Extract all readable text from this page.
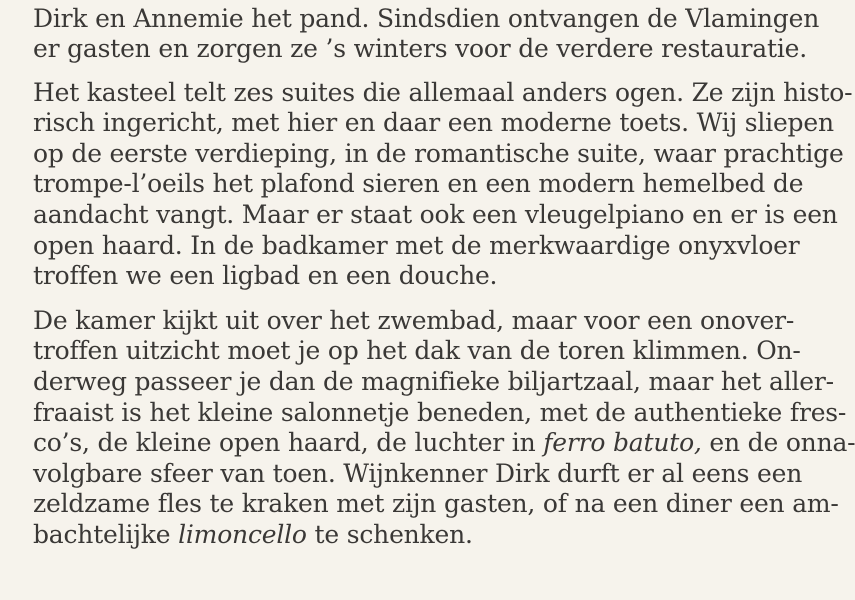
Dirk en Annemie het pand. Sindsdien ontvangen de Vlamingen
er gasten en zorgen ze ’s winters voor de verdere restauratie.
Het kasteel telt zes suites die allemaal anders ogen. Ze zijn histo-
risch ingericht, met hier en daar een moderne toets. Wij sliepen
op de eerste verdieping, in de romantische suite, waar prachtige
trompe-l’oeils het plafond sieren en een modern hemelbed de
aandacht vangt. Maar er staat ook een vleugelpiano en er is een
open haard. In de badkamer met de merkwaardige onyxvloer
troffen we een ligbad en een douche.
De kamer kijkt uit over het zwembad, maar voor een onover-
troffen uitzicht moet je op het dak van de toren klimmen. On-
derweg passeer je dan de magnifieke biljartzaal, maar het aller-
fraaist is het kleine salonnetje beneden, met de authentieke fres-
co’s, de kleine open haard, de luchter in ferro batuto, en de onna-
volgbare sfeer van toen. Wijnkenner Dirk durft er al eens een
zeldzame fles te kraken met zijn gasten, of na een diner een am-
bachtelijke limoncello te schenken.
